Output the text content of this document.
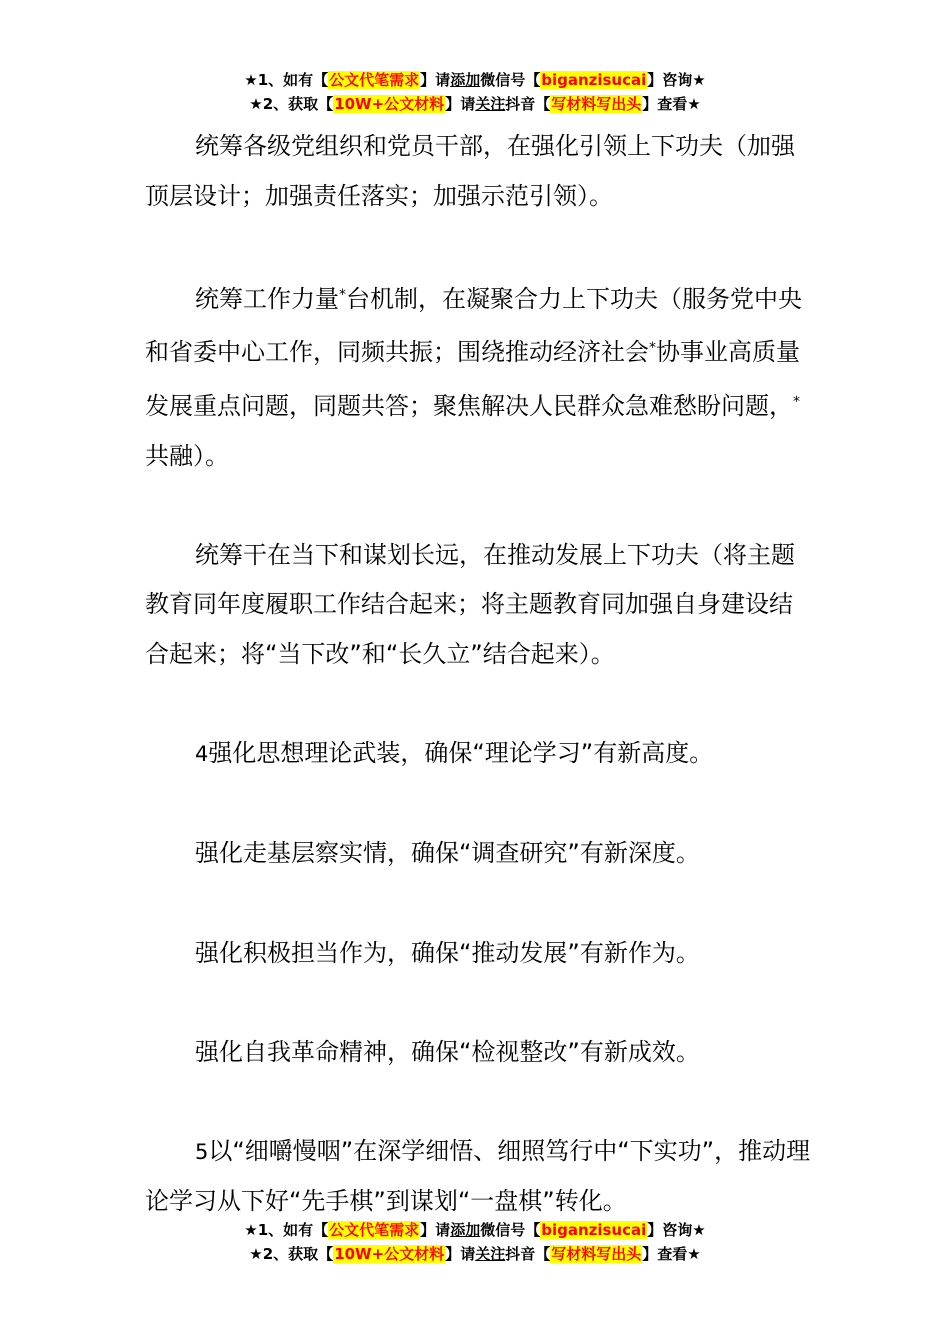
★1、如有【公文代笔需求】请添加微信号【biganzisucai】咨询★
★2、获取【10W+公文材料】请关注抖音【写材料写出头】查看★

统筹各级党组织和党员干部，在强化引领上下功夫（加强顶层设计；加强责任落实；加强示范引领）。

统筹工作力量*台机制，在凝聚合力上下功夫（服务党中央和省委中心工作，同频共振；围绕推动经济社会*协事业高质量发展重点问题，同题共答；聚焦解决人民群众急难愁盼问题，*共融）。

统筹干在当下和谋划长远，在推动发展上下功夫（将主题教育同年度履职工作结合起来；将主题教育同加强自身建设结合起来；将“当下改”和“长久立”结合起来）。

4强化思想理论武装，确保“理论学习”有新高度。

强化走基层察实情，确保“调查研究”有新深度。

强化积极担当作为，确保“推动发展”有新作为。

强化自我革命精神，确保“检视整改”有新成效。

5以“细嚼慢咽”在深学细悟、细照笃行中“下实功”，推动理论学习从下好“先手棋”到谋划“一盘棋”转化。

★1、如有【公文代笔需求】请添加微信号【biganzisucai】咨询★
★2、获取【10W+公文材料】请关注抖音【写材料写出头】查看★
